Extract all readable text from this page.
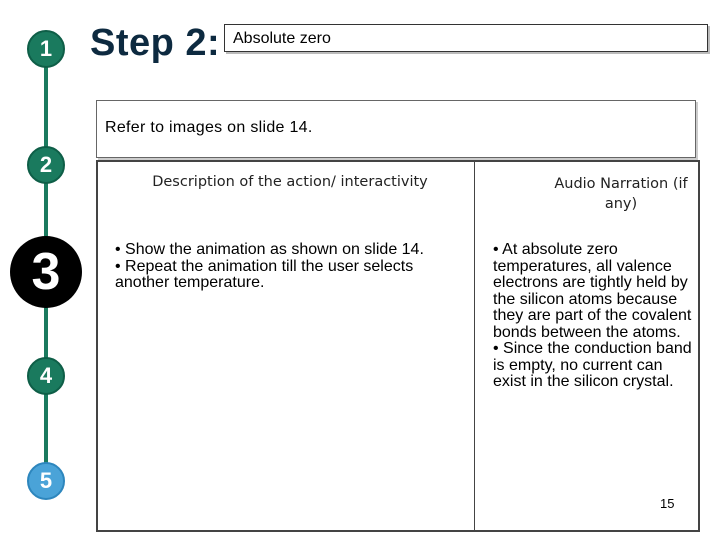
1
2
3
4
5
Step 2: Absolute zero
Refer to images on slide 14.
Description of the action/ interactivity	Audio Narration (if any)
• Show the animation as shown on slide 14.
• Repeat the animation till the user selects another temperature.
• At absolute zero temperatures, all valence electrons are tightly held by the silicon atoms because they are part of the covalent bonds between the atoms.
• Since the conduction band is empty, no current can exist in the silicon crystal.
15
